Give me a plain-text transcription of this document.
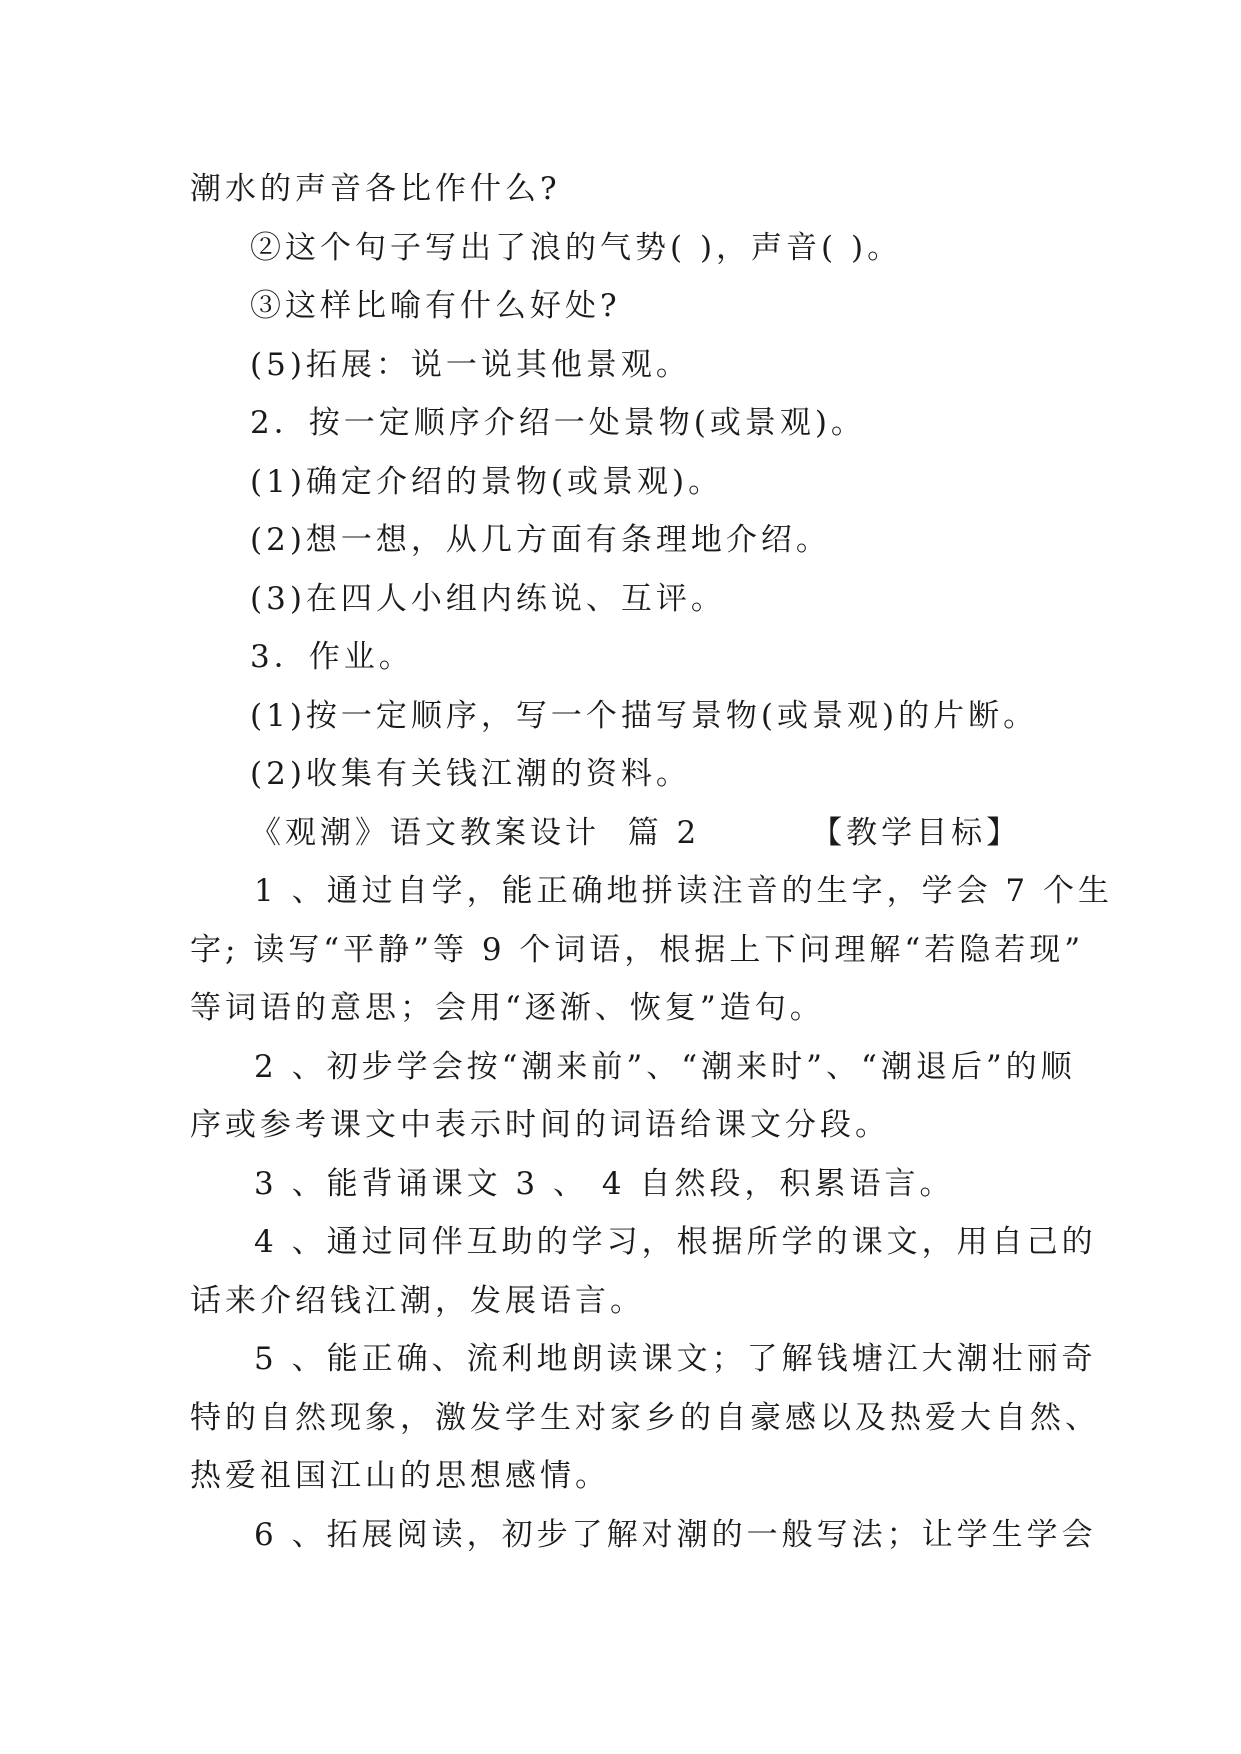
潮水的声音各比作什么?
②这个句子写出了浪的气势( )，声音( )。
③这样比喻有什么好处?
(5)拓展：说一说其他景观。
2．按一定顺序介绍一处景物(或景观)。
(1)确定介绍的景物(或景观)。
(2)想一想，从几方面有条理地介绍。
(3)在四人小组内练说、互评。
3．作业。
(1)按一定顺序，写一个描写景物(或景观)的片断。
(2)收集有关钱江潮的资料。
《观潮》语文教案设计  篇 2        【教学目标】
1 、通过自学，能正确地拼读注音的生字，学会 7 个生
字; 读写“平静”等 9 个词语，根据上下问理解“若隐若现”
等词语的意思；会用“逐渐、恢复”造句。
2 、初步学会按“潮来前”、“潮来时”、“潮退后”的顺
序或参考课文中表示时间的词语给课文分段。
3 、能背诵课文 3 、 4 自然段，积累语言。
4 、通过同伴互助的学习，根据所学的课文，用自己的
话来介绍钱江潮，发展语言。
5 、能正确、流利地朗读课文；了解钱塘江大潮壮丽奇
特的自然现象，激发学生对家乡的自豪感以及热爱大自然、
热爱祖国江山的思想感情。
6 、拓展阅读，初步了解对潮的一般写法；让学生学会
